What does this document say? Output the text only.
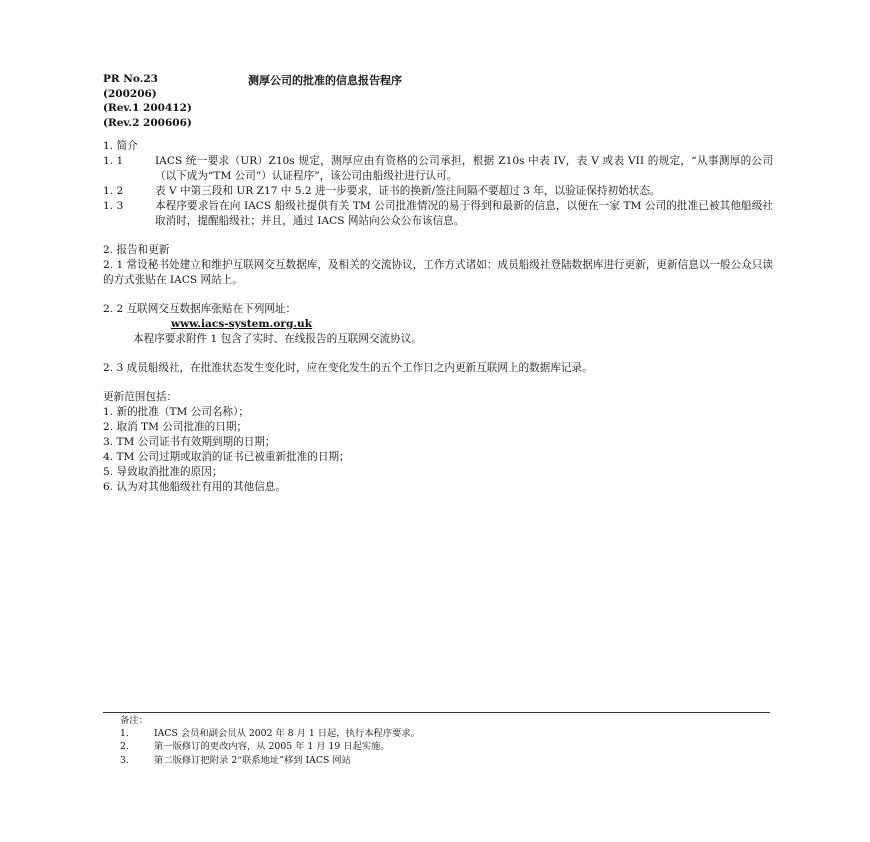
PR No.23
(200206)
(Rev.1 200412)
(Rev.2 200606)
测厚公司的批准的信息报告程序
1. 简介
1. 1	IACS 统一要求（UR）Z10s 规定，测厚应由有资格的公司承担，根据 Z10s 中表 IV，表 V 或表 VII 的规定，“从事测厚的公司（以下成为“TM 公司”）认证程序”，该公司由船级社进行认可。
1. 2	表 V 中第三段和 UR Z17 中 5.2 进一步要求，证书的换新/签注间隔不要超过 3 年，以验证保持初始状态。
1. 3	本程序要求旨在向 IACS 船级社提供有关 TM 公司批准情况的易于得到和最新的信息，以便在一家 TM 公司的批准已被其他船级社取消时，提醒船级社；并且，通过 IACS 网站向公众公布该信息。
2. 报告和更新
2. 1 常设秘书处建立和维护互联网交互数据库，及相关的交流协议，工作方式诸如：成员船级社登陆数据库进行更新，更新信息以一般公众只读的方式张贴在 IACS 网站上。
2. 2 互联网交互数据库张贴在下列网址：
www.iacs-system.org.uk
本程序要求附件 1 包含了实时、在线报告的互联网交流协议。
2. 3 成员船级社，在批准状态发生变化时，应在变化发生的五个工作日之内更新互联网上的数据库记录。
更新范围包括：
1. 新的批准（TM 公司名称）；
2. 取消 TM 公司批准的日期；
3. TM 公司证书有效期到期的日期；
4. TM 公司过期或取消的证书已被重新批准的日期；
5. 导致取消批准的原因；
6. 认为对其他船级社有用的其他信息。
备注：
1.	IACS 会员和副会员从 2002 年 8 月 1 日起，执行本程序要求。
2.	第一版修订的更改内容，从 2005 年 1 月 19 日起实施。
3.	第二版修订把附录 2“联系地址”移到 IACS 网站
